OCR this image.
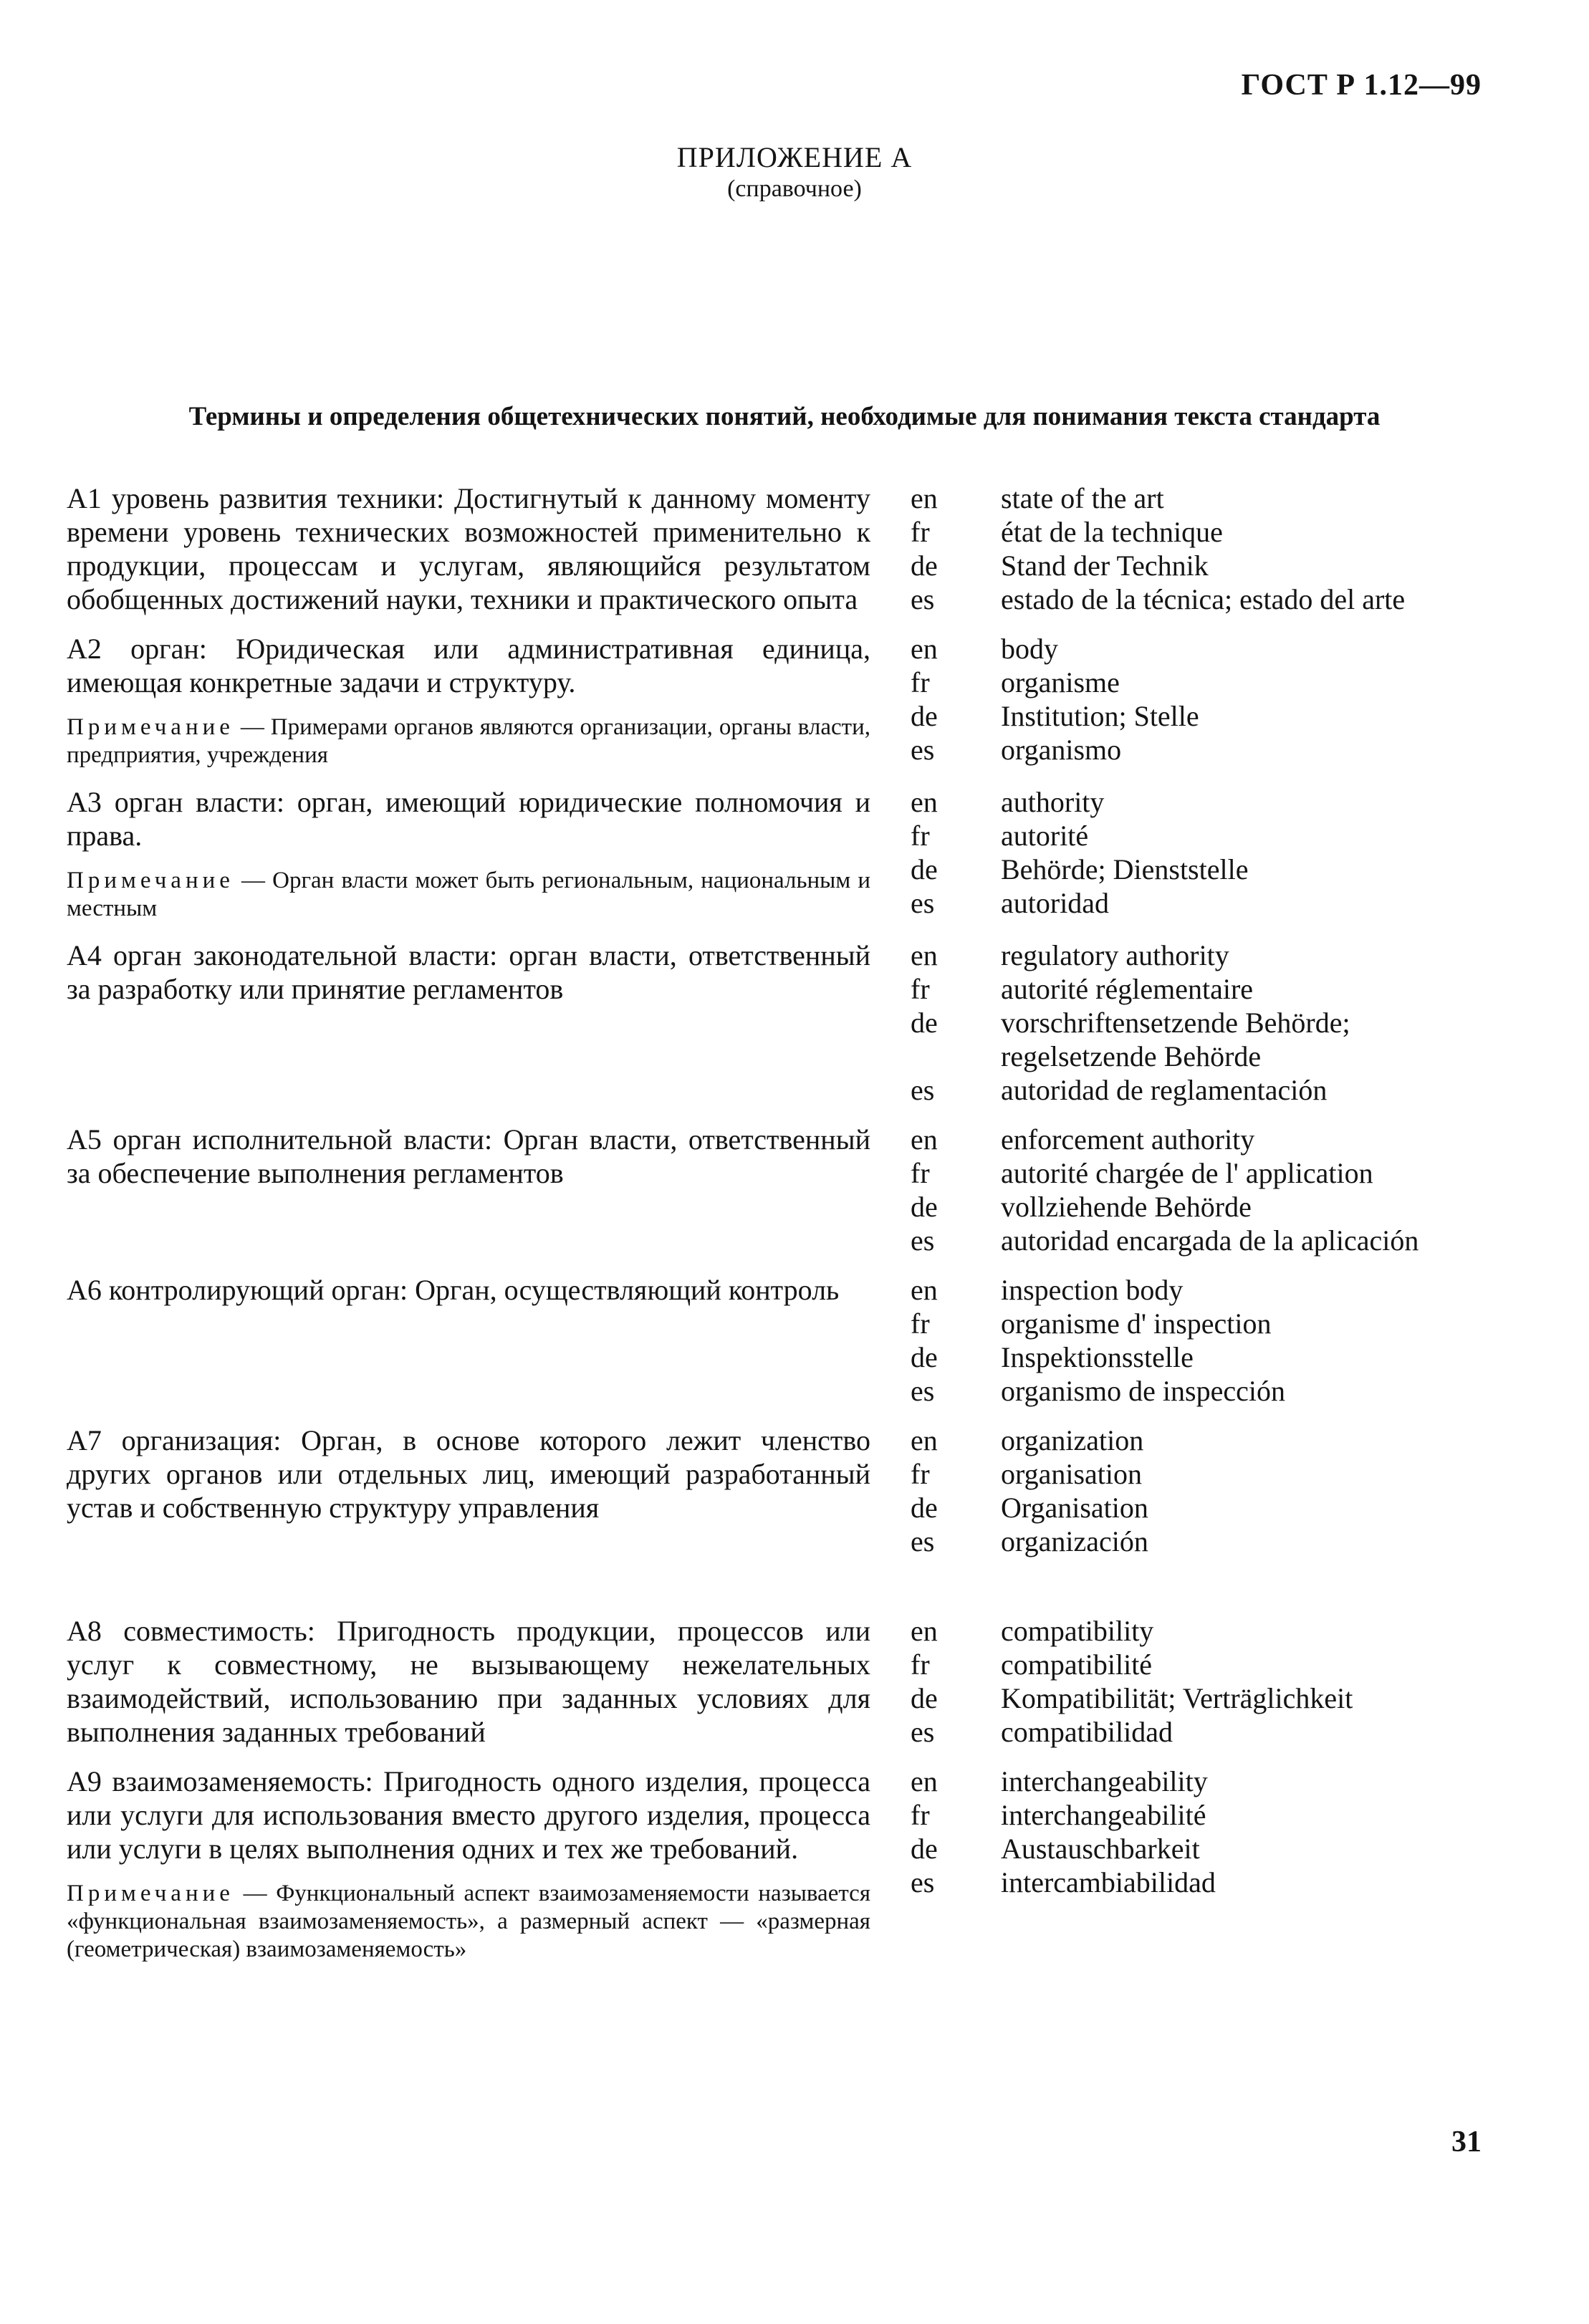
ГОСТ Р 1.12—99
ПРИЛОЖЕНИЕ А
(справочное)
Термины и определения общетехнических понятий, необходимые для понимания текста стандарта
А1 уровень развития техники: Достигнутый к данному моменту времени уровень технических возможностей применительно к продукции, процессам и услугам, являющийся результатом обобщенных достижений науки, техники и практического опыта
en	state of the art
fr	état de la technique
de	Stand der Technik
es	estado de la técnica; estado del arte
А2 орган: Юридическая или административная единица, имеющая конкретные задачи и структуру.
Примечание — Примерами органов являются организации, органы власти, предприятия, учреждения
en	body
fr	organisme
de	Institution; Stelle
es	organismo
А3 орган власти: орган, имеющий юридические полномочия и права.
Примечание — Орган власти может быть региональным, национальным и местным
en	authority
fr	autorité
de	Behörde; Dienststelle
es	autoridad
А4 орган законодательной власти: орган власти, ответственный за разработку или принятие регламентов
en	regulatory authority
fr	autorité réglementaire
de	vorschriftensetzende Behörde; regelsetzende Behörde
es	autoridad de reglamentación
А5 орган исполнительной власти: Орган власти, ответственный за обеспечение выполнения регламентов
en	enforcement authority
fr	autorité chargée de l' application
de	vollziehende Behörde
es	autoridad encargada de la aplicación
А6 контролирующий орган: Орган, осуществляющий контроль	en	inspection body
fr	organisme d' inspection
de	Inspektionsstelle
es	organismo de inspección
А7 организация: Орган, в основе которого лежит членство других органов или отдельных лиц, имеющий разработанный устав и собственную структуру управления
en	organization
fr	organisation
de	Organisation
es	organización
А8 совместимость: Пригодность продукции, процессов или услуг к совместному, не вызывающему нежелательных взаимодействий, использованию при заданных условиях для выполнения заданных требований
en	compatibility
fr	compatibilité
de	Kompatibilität; Verträglichkeit
es	compatibilidad
А9 взаимозаменяемость: Пригодность одного изделия, процесса или услуги для использования вместо другого изделия, процесса или услуги в целях выполнения одних и тех же требований.
Примечание — Функциональный аспект взаимозаменяемости называется «функциональная взаимозаменяемость», а размерный аспект — «размерная (геометрическая) взаимозаменяемость»
en	interchangeability
fr	interchangeabilité
de	Austauschbarkeit
es	intercambiabilidad
31
